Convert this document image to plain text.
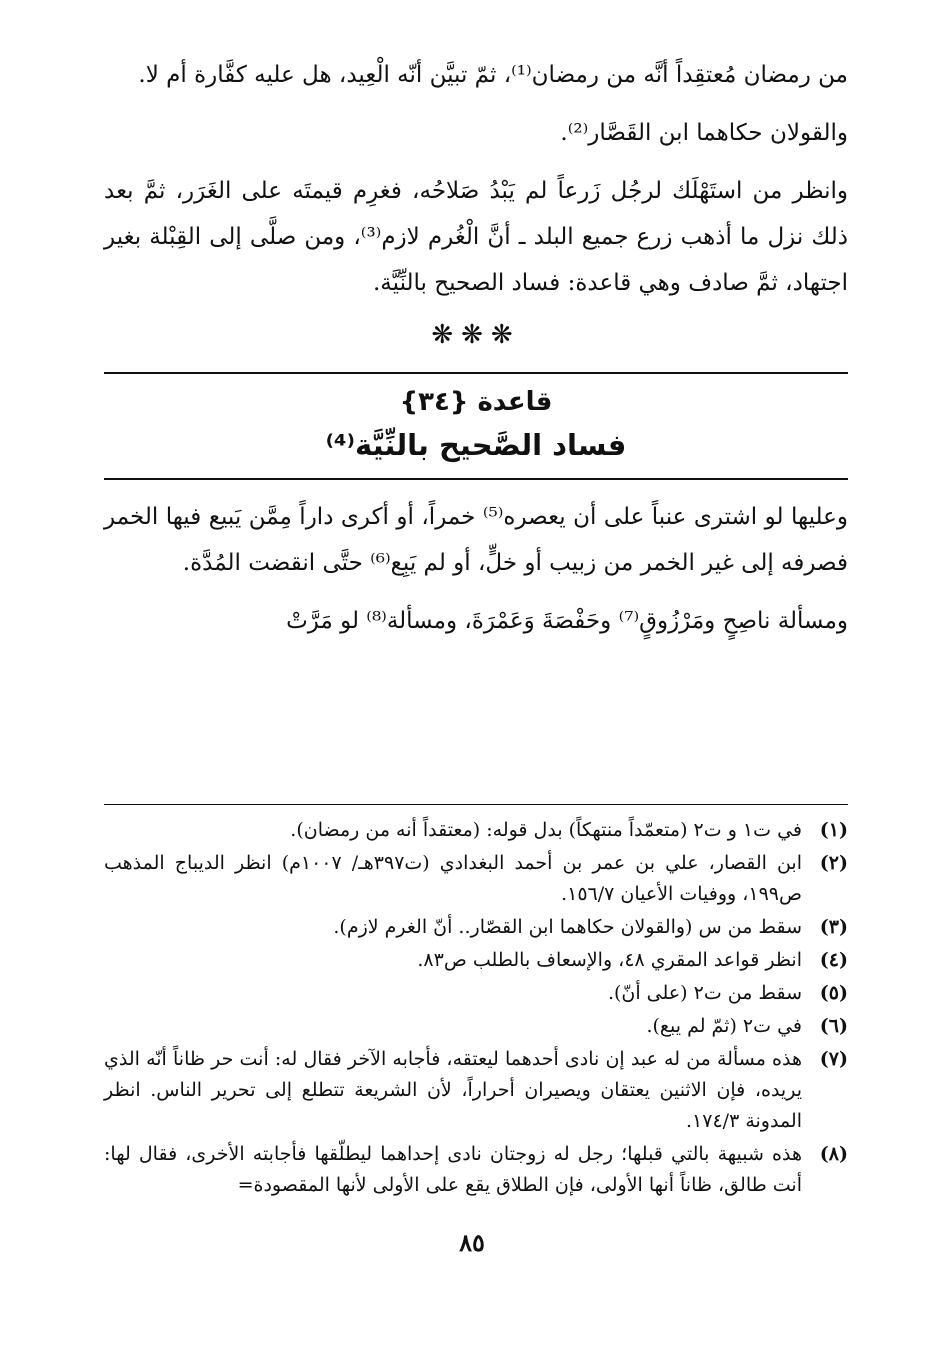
من رمضان مُعتقِداً أنَّه من رمضان⁽¹⁾، ثمّ تبيَّن أنّه الْعِيد، هل عليه كفَّارة أم لا.

والقولان حكاهما ابن القَصَّار⁽²⁾.

وانظر من استَهْلَك لرجُل زَرعاً لم يَبْدُ صَلاحُه، فغرِم قيمتَه على الغَرَر، ثمَّ بعد ذلك نزل ما أذهب زرع جميع البلد ـ أنَّ الْغُرم لازم⁽³⁾، ومن صلَّى إلى القِبْلة بغير اجتهاد، ثمَّ صادف وهي قاعدة: فساد الصحيح بالنِّيَّة.

❋❋❋
قاعدة {٣٤}
فساد الصَّحيح بالنِّيَّة⁽⁴⁾

وعليها لو اشترى عنباً على أن يعصره⁽⁵⁾ خمراً، أو أكرى داراً مِمَّن يَبيع فيها الخمر فصرفه إلى غير الخمر من زبيب أو خلٍّ، أو لم يَبِع⁽⁶⁾ حتَّى انقضت المُدَّة.

ومسألة ناصِحٍ ومَرْزُوقٍ⁽⁷⁾ وحَفْصَةَ وَعَمْرَةَ، ومسألة⁽⁸⁾ لو مَرَّتْ

(١)
في ت١ و ت٢ (متعمّداً منتهكاً) بدل قوله: (معتقداً أنه من رمضان).
(٢)
ابن القصار، علي بن عمر بن أحمد البغدادي (ت٣٩٧هـ/ ١٠٠٧م) انظر الديباج المذهب ص١٩٩، ووفيات الأعيان ١٥٦/٧.
(٣)
سقط من س (والقولان حكاهما ابن القصّار.. أنّ الغرم لازم).
(٤)
انظر قواعد المقري ٤٨، والإسعاف بالطلب ص٨٣.
(٥)
سقط من ت٢ (على أنّ).
(٦)
في ت٢ (ثمّ لم يبع).
(٧)
هذه مسألة من له عبد إن نادى أحدهما ليعتقه، فأجابه الآخر فقال له: أنت حر ظاناً أنّه الذي يريده، فإن الاثنين يعتقان ويصيران أحراراً، لأن الشريعة تتطلع إلى تحرير الناس. انظر المدونة ١٧٤/٣.
(٨)
هذه شبيهة بالتي قبلها؛ رجل له زوجتان نادى إحداهما ليطلّقها فأجابته الأخرى، فقال لها: أنت طالق، ظاناً أنها الأولى، فإن الطلاق يقع على الأولى لأنها المقصودة=
٨٥
